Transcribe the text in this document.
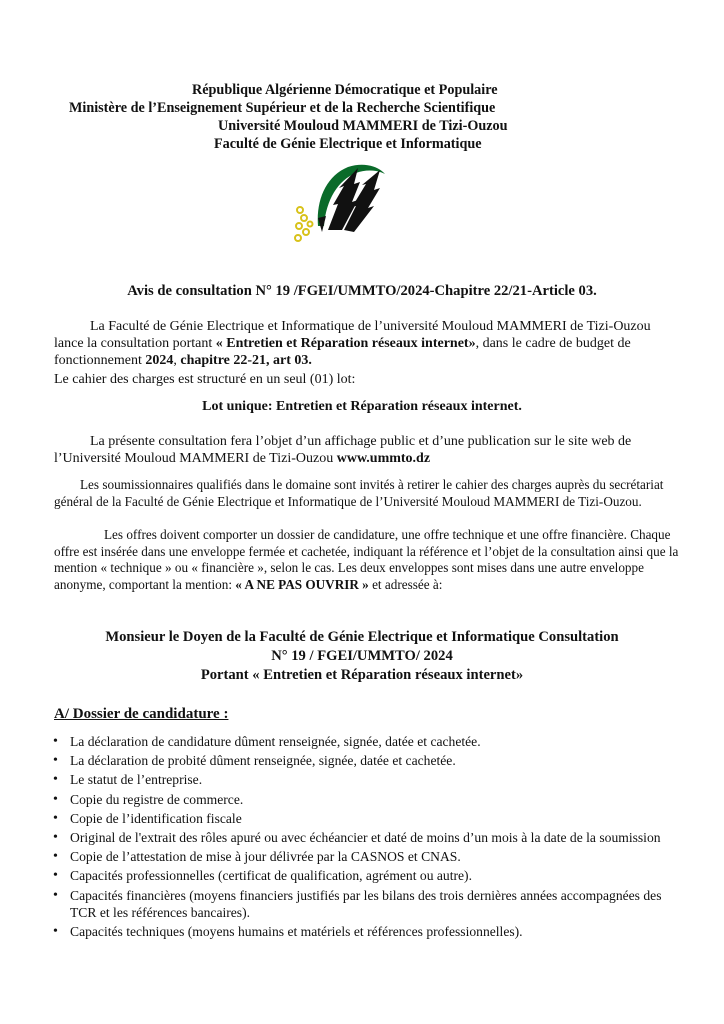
République Algérienne Démocratique et Populaire
Ministère de l’Enseignement Supérieur et de la Recherche Scientifique
Université Mouloud MAMMERI de Tizi-Ouzou
Faculté de Génie Electrique et Informatique
Avis de consultation N° 19 /FGEI/UMMTO/2024-Chapitre 22/21-Article 03.
La Faculté de Génie Electrique et Informatique de l’université Mouloud MAMMERI de Tizi-Ouzou lance la consultation portant « Entretien et Réparation réseaux internet», dans le cadre de budget de fonctionnement 2024, chapitre 22-21, art 03.
Le cahier des charges est structuré en un seul (01) lot:
Lot unique: Entretien et Réparation réseaux internet.
La présente consultation fera l’objet d’un affichage public et d’une publication sur le site web de l’Université Mouloud MAMMERI de Tizi-Ouzou www.ummto.dz
Les soumissionnaires qualifiés dans le domaine sont invités à retirer le cahier des charges auprès du secrétariat général de la Faculté de Génie Electrique et Informatique de l’Université Mouloud MAMMERI de Tizi-Ouzou.
Les offres doivent comporter un dossier de candidature, une offre technique et une offre financière. Chaque offre est insérée dans une enveloppe fermée et cachetée, indiquant la référence et l’objet de la consultation ainsi que la mention « technique » ou « financière », selon le cas. Les deux enveloppes sont mises dans une autre enveloppe anonyme, comportant la mention: « A NE PAS OUVRIR » et adressée à:
Monsieur le Doyen de la Faculté de Génie Electrique et Informatique Consultation
N° 19 / FGEI/UMMTO/ 2024
Portant « Entretien et Réparation réseaux internet»
A/ Dossier de candidature :
• La déclaration de candidature dûment renseignée, signée, datée et cachetée.
• La déclaration de probité dûment renseignée, signée, datée et cachetée.
• Le statut de l’entreprise.
• Copie du registre de commerce.
• Copie de l’identification fiscale
• Original de l'extrait des rôles apuré ou avec échéancier et daté de moins d’un mois à la date de la soumission
• Copie de l’attestation de mise à jour délivrée par la CASNOS et CNAS.
• Capacités professionnelles (certificat de qualification, agrément ou autre).
• Capacités financières (moyens financiers justifiés par les bilans des trois dernières années accompagnées des TCR et les références bancaires).
• Capacités techniques (moyens humains et matériels et références professionnelles).
